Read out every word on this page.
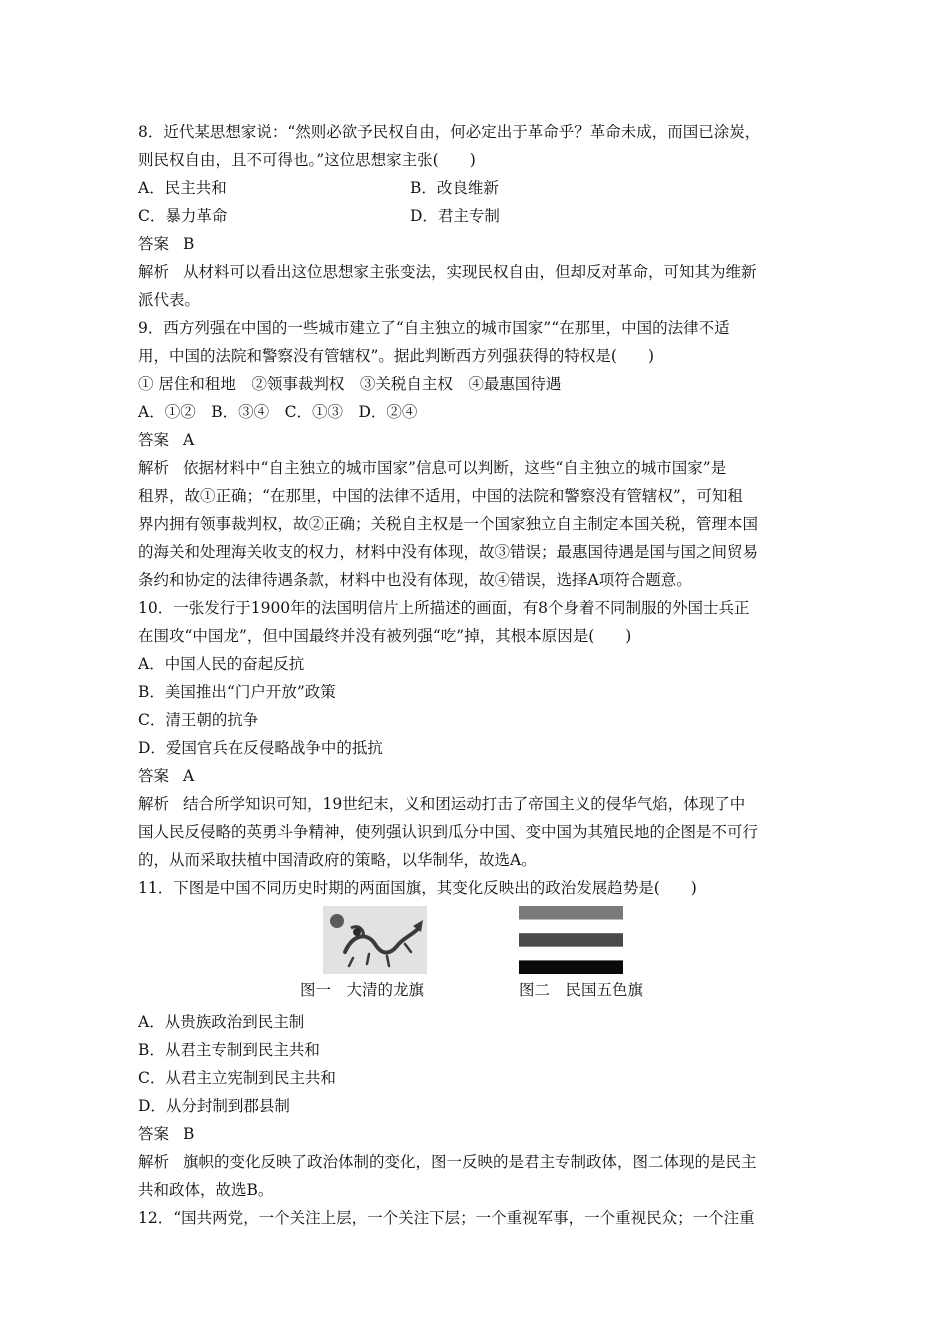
8．近代某思想家说：“然则必欲予民权自由，何必定出于革命乎？革命未成，而国已涂炭，
则民权自由，且不可得也。”这位思想家主张(　　)
A．民主共和	B．改良维新
C．暴力革命	D．君主专制
答案 B
解析 从材料可以看出这位思想家主张变法，实现民权自由，但却反对革命，可知其为维新
派代表。
9．西方列强在中国的一些城市建立了“自主独立的城市国家”“在那里，中国的法律不适
用，中国的法院和警察没有管辖权”。据此判断西方列强获得的特权是(　　)
① 居住和租地　②领事裁判权　③关税自主权　④最惠国待遇
A．①②　B．③④　C．①③　D．②④
答案 A
解析 依据材料中“自主独立的城市国家”信息可以判断，这些“自主独立的城市国家”是
租界，故①正确；“在那里，中国的法律不适用，中国的法院和警察没有管辖权”，可知租
界内拥有领事裁判权，故②正确；关税自主权是一个国家独立自主制定本国关税，管理本国
的海关和处理海关收支的权力，材料中没有体现，故③错误；最惠国待遇是国与国之间贸易
条约和协定的法律待遇条款，材料中也没有体现，故④错误，选择A项符合题意。
10．一张发行于1900年的法国明信片上所描述的画面，有8个身着不同制服的外国士兵正
在围攻“中国龙”，但中国最终并没有被列强“吃”掉，其根本原因是(　　)
A．中国人民的奋起反抗
B．美国推出“门户开放”政策
C．清王朝的抗争
D．爱国官兵在反侵略战争中的抵抗
答案 A
解析 结合所学知识可知，19世纪末，义和团运动打击了帝国主义的侵华气焰，体现了中
国人民反侵略的英勇斗争精神，使列强认识到瓜分中国、变中国为其殖民地的企图是不可行
的，从而采取扶植中国清政府的策略，以华制华，故选A。
11．下图是中国不同历史时期的两面国旗，其变化反映出的政治发展趋势是(　　)
图一　大清的龙旗	图二　民国五色旗
A．从贵族政治到民主制
B．从君主专制到民主共和
C．从君主立宪制到民主共和
D．从分封制到郡县制
答案 B
解析 旗帜的变化反映了政治体制的变化，图一反映的是君主专制政体，图二体现的是民主
共和政体，故选B。
12．“国共两党，一个关注上层，一个关注下层；一个重视军事，一个重视民众；一个注重
